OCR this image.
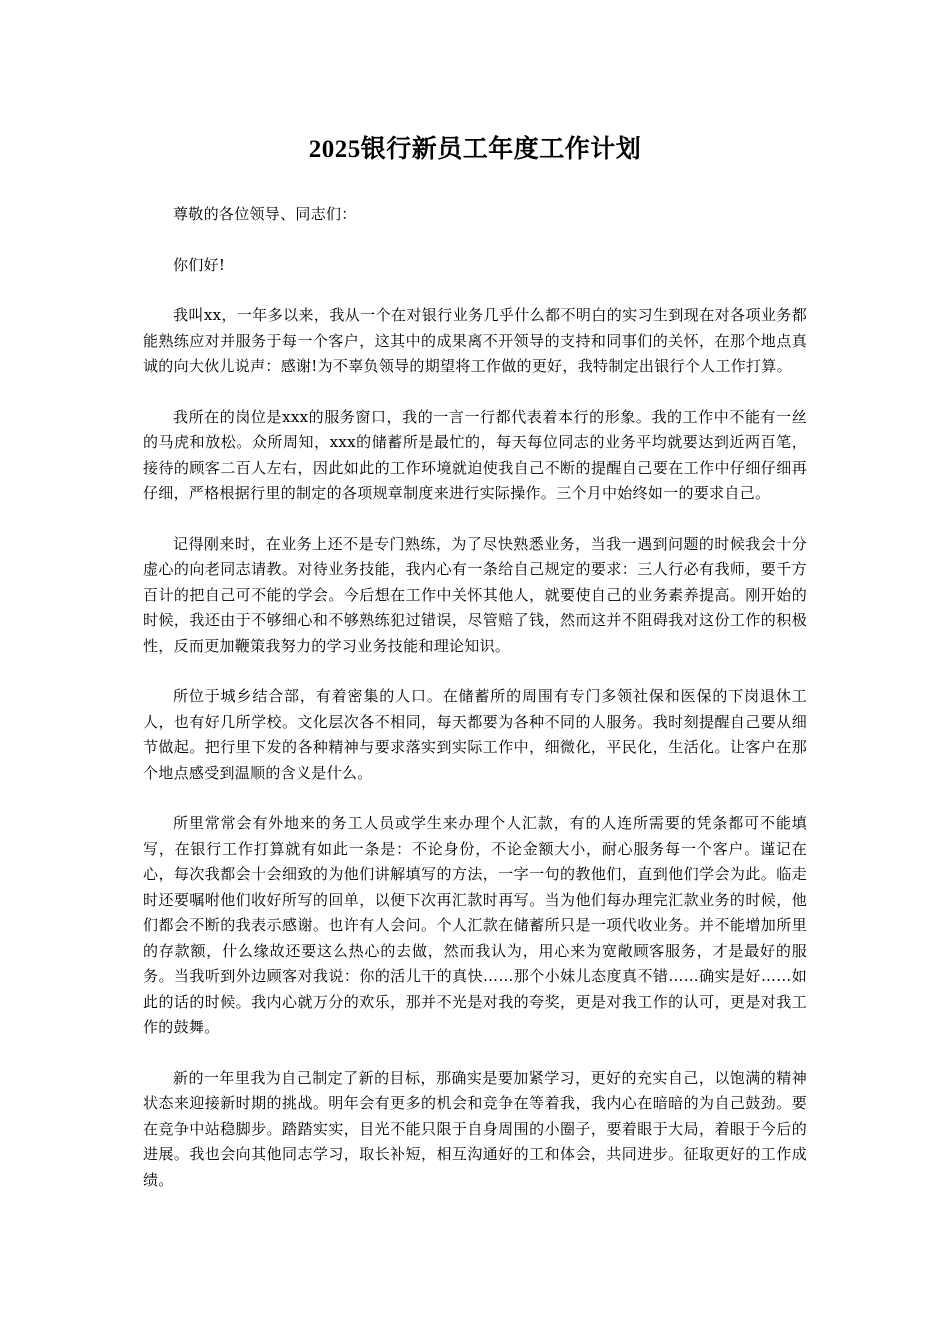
2025银行新员工年度工作计划

尊敬的各位领导、同志们：

你们好!

我叫xx，一年多以来，我从一个在对银行业务几乎什么都不明白的实习生到现在对各项业务都能熟练应对并服务于每一个客户，这其中的成果离不开领导的支持和同事们的关怀，在那个地点真诚的向大伙儿说声：感谢!为不辜负领导的期望将工作做的更好，我特制定出银行个人工作打算。

我所在的岗位是xxx的服务窗口，我的一言一行都代表着本行的形象。我的工作中不能有一丝的马虎和放松。众所周知，xxx的储蓄所是最忙的，每天每位同志的业务平均就要达到近两百笔，接待的顾客二百人左右，因此如此的工作环境就迫使我自己不断的提醒自己要在工作中仔细仔细再仔细，严格根据行里的制定的各项规章制度来进行实际操作。三个月中始终如一的要求自己。

记得刚来时，在业务上还不是专门熟练，为了尽快熟悉业务，当我一遇到问题的时候我会十分虚心的向老同志请教。对待业务技能，我内心有一条给自己规定的要求：三人行必有我师，要千方百计的把自己可不能的学会。今后想在工作中关怀其他人，就要使自己的业务素养提高。刚开始的时候，我还由于不够细心和不够熟练犯过错误，尽管赔了钱，然而这并不阻碍我对这份工作的积极性，反而更加鞭策我努力的学习业务技能和理论知识。

所位于城乡结合部，有着密集的人口。在储蓄所的周围有专门多领社保和医保的下岗退休工人，也有好几所学校。文化层次各不相同，每天都要为各种不同的人服务。我时刻提醒自己要从细节做起。把行里下发的各种精神与要求落实到实际工作中，细微化，平民化，生活化。让客户在那个地点感受到温顺的含义是什么。

所里常常会有外地来的务工人员或学生来办理个人汇款，有的人连所需要的凭条都可不能填写，在银行工作打算就有如此一条是：不论身份，不论金额大小，耐心服务每一个客户。谨记在心，每次我都会十会细致的为他们讲解填写的方法，一字一句的教他们，直到他们学会为此。临走时还要嘱咐他们收好所写的回单，以便下次再汇款时再写。当为他们每办理完汇款业务的时候，他们都会不断的我表示感谢。也许有人会问。个人汇款在储蓄所只是一项代收业务。并不能增加所里的存款额，什么缘故还要这么热心的去做，然而我认为，用心来为宽敞顾客服务，才是最好的服务。当我听到外边顾客对我说：你的活儿干的真快……那个小妹儿态度真不错……确实是好……如此的话的时候。我内心就万分的欢乐，那并不光是对我的夸奖，更是对我工作的认可，更是对我工作的鼓舞。

新的一年里我为自己制定了新的目标，那确实是要加紧学习，更好的充实自己，以饱满的精神状态来迎接新时期的挑战。明年会有更多的机会和竞争在等着我，我内心在暗暗的为自己鼓劲。要在竞争中站稳脚步。踏踏实实，目光不能只限于自身周围的小圈子，要着眼于大局，着眼于今后的进展。我也会向其他同志学习，取长补短，相互沟通好的工和体会，共同进步。征取更好的工作成绩。
